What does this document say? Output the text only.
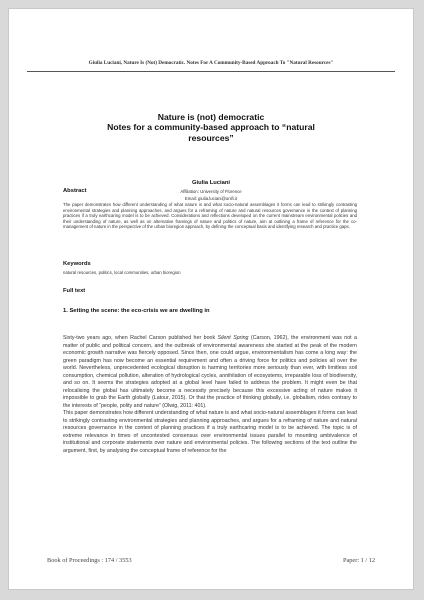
Giulia Luciani, Nature Is (Not) Democratic. Notes For A Community-Based Approach To "Natural Resources"
Nature is (not) democratic
Notes for a community-based approach to “natural
resources”
Giulia Luciani
Affiliation: University of Florence
Email: giulia.luciani@unifi.it
Abstract
The paper demonstrates how different understanding of what nature is and what socio-natural assemblages it forms can lead to strikingly contrasting environmental strategies and planning approaches, and argues for a reframing of nature and natural resources governance in the context of planning practices if a truly earthcaring model is to be achieved. Considerations and reflections developed on the current mainstream environmental policies and their understanding of nature, as well as on alternative framings of nature and politics of nature, aim at outlining a frame of reference for the co-management of nature in the perspective of the urban bioregion approach, by defining the conceptual basis and identifying research and practice gaps.
Keywords
natural resources, politics, local communities, urban bioregion
Full text
1. Setting the scene: the eco-crisis we are dwelling in

Sixty-two years ago, when Rachel Carson published her book Silent Spring (Carson, 1962), the environment was not a matter of public and political concern, and the outbreak of environmental awareness she started at the peak of the modern economic growth narrative was fiercely opposed. Since then, one could argue, environmentalism has come a long way: the green paradigm has now become an essential requirement and often a driving force for politics and policies all over the world. Nevertheless, unprecedented ecological disruption is harming territories more seriously than ever, with limitless soil consumption, chemical pollution, alteration of hydrological cycles, annihilation of ecosystems, irreparable loss of biodiversity, and so on. It seems the strategies adopted at a global level have failed to address the problem. It might even be that relocalising the global has ultimately become a necessity precisely because this excessive acting of nature makes it impossible to grab the Earth globally (Latour, 2015). Or that the practice of thinking globally, i.e. globalism, rides contrary to the interests of “people, polity and nature” (Olwig, 2011: 401).

This paper demonstrates how different understanding of what nature is and what socio-natural assemblages it forms can lead to strikingly contrasting environmental strategies and planning approaches, and argues for a reframing of nature and natural resources governance in the context of planning practices if a truly earthcaring model is to be achieved. The topic is of extreme relevance in times of uncontested consensus over environmental issues parallel to mounting ambivalence of institutional and corporate statements over nature and environmental policies. The following sections of the text outline the argument, first, by analysing the conceptual frame of reference for the

Book of Proceedings : 174 / 3553	Paper: 1 / 12
